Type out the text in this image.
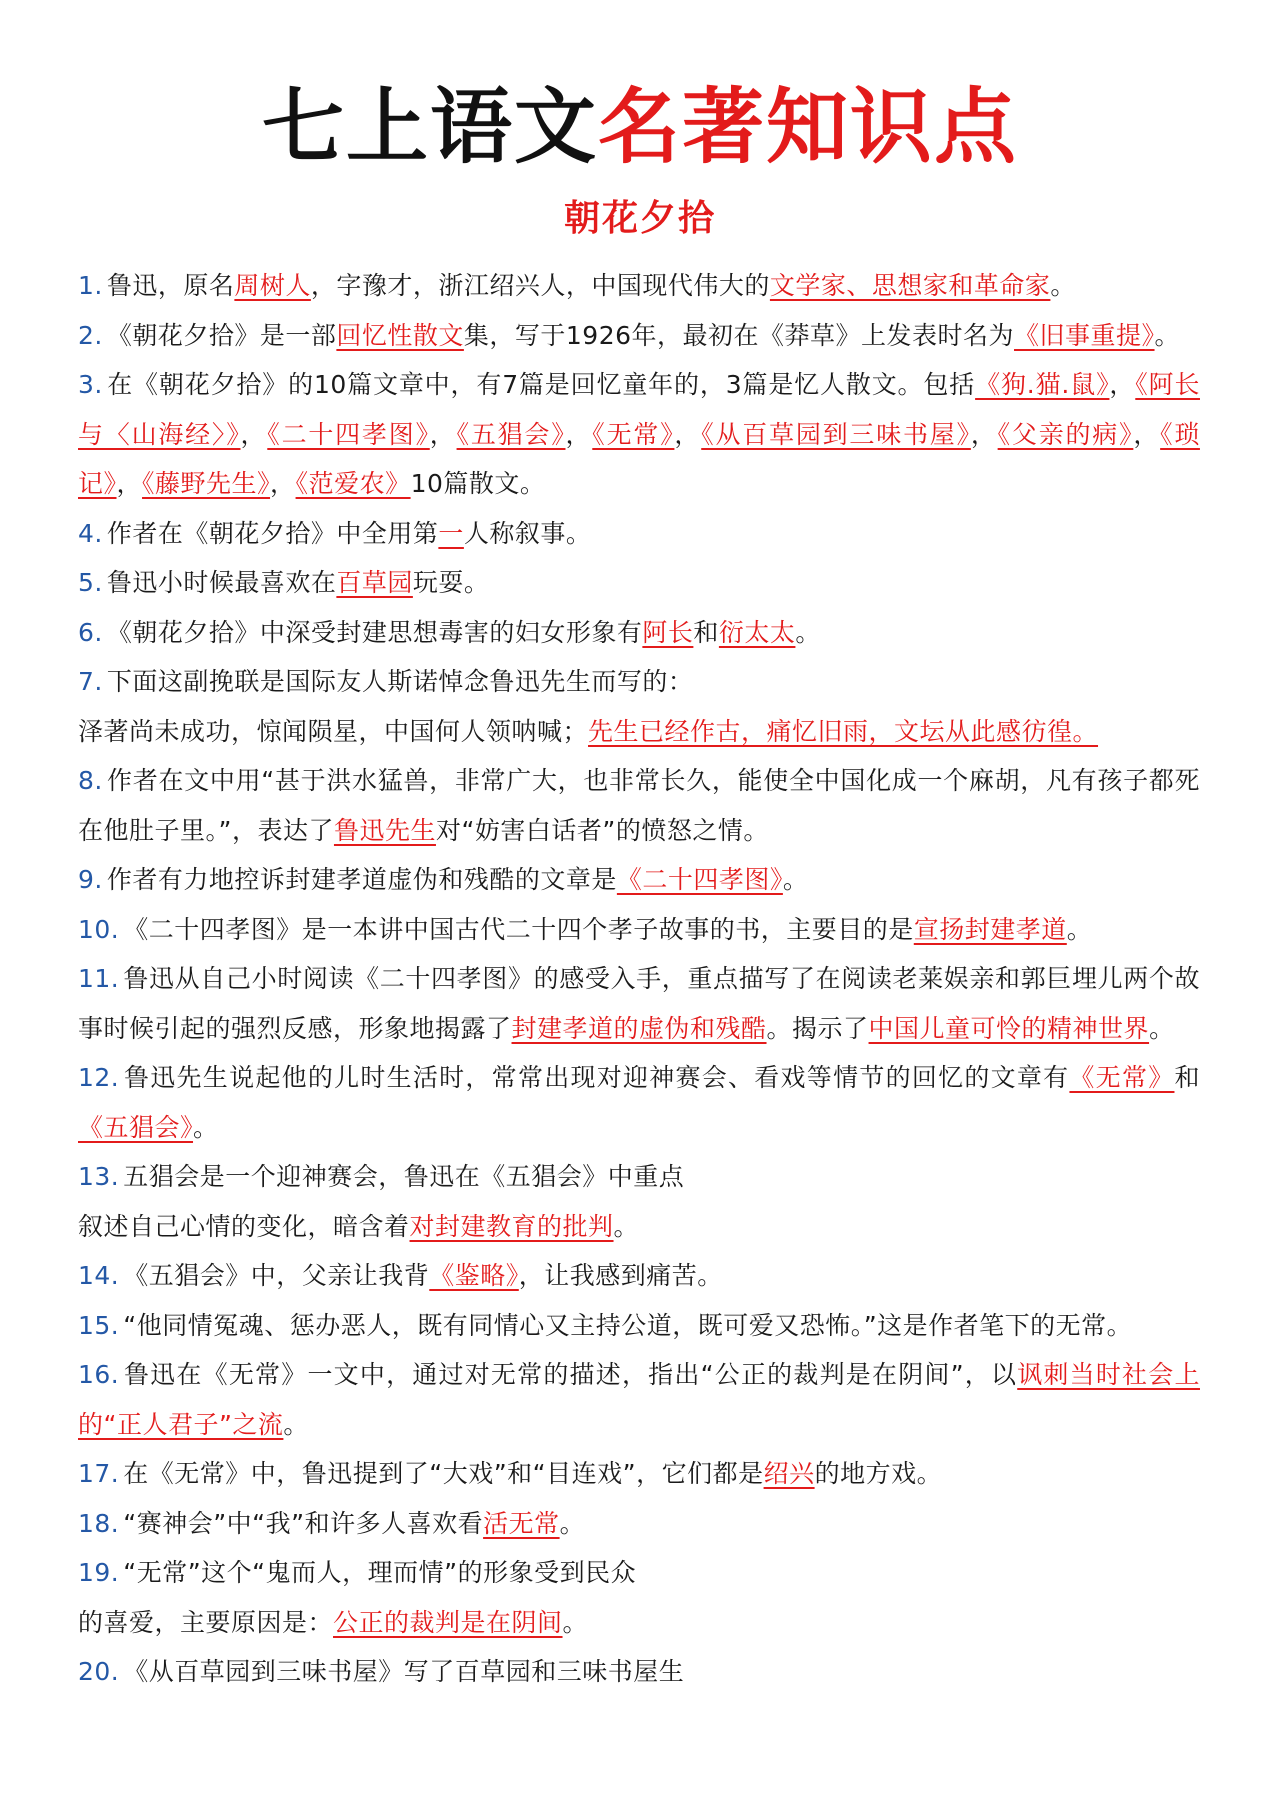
七上语文名著知识点
朝花夕拾
1. 鲁迅，原名周树人，字豫才，浙江绍兴人，中国现代伟大的文学家、思想家和革命家。
2. 《朝花夕拾》是一部回忆性散文集，写于1926年，最初在《莽草》上发表时名为《旧事重提》。
3. 在《朝花夕拾》的10篇文章中，有7篇是回忆童年的，3篇是忆人散文。包括《狗.猫.鼠》，《阿长与〈山海经〉》，《二十四孝图》，《五猖会》，《无常》，《从百草园到三味书屋》，《父亲的病》，《琐记》，《藤野先生》，《范爱农》10篇散文。
4. 作者在《朝花夕拾》中全用第一人称叙事。
5. 鲁迅小时候最喜欢在百草园玩耍。
6. 《朝花夕拾》中深受封建思想毒害的妇女形象有阿长和衍太太。
7. 下面这副挽联是国际友人斯诺悼念鲁迅先生而写的：
泽著尚未成功，惊闻陨星，中国何人领呐喊；先生已经作古，痛忆旧雨，文坛从此感彷徨。
8. 作者在文中用“甚于洪水猛兽，非常广大，也非常长久，能使全中国化成一个麻胡，凡有孩子都死在他肚子里。”，表达了鲁迅先生对“妨害白话者”的愤怒之情。
9. 作者有力地控诉封建孝道虚伪和残酷的文章是《二十四孝图》。
10. 《二十四孝图》是一本讲中国古代二十四个孝子故事的书，主要目的是宣扬封建孝道。
11. 鲁迅从自己小时阅读《二十四孝图》的感受入手，重点描写了在阅读老莱娱亲和郭巨埋儿两个故事时候引起的强烈反感，形象地揭露了封建孝道的虚伪和残酷。揭示了中国儿童可怜的精神世界。
12. 鲁迅先生说起他的儿时生活时，常常出现对迎神赛会、看戏等情节的回忆的文章有《无常》和《五猖会》。
13. 五猖会是一个迎神赛会，鲁迅在《五猖会》中重点
叙述自己心情的变化，暗含着对封建教育的批判。
14. 《五猖会》中，父亲让我背《鉴略》，让我感到痛苦。
15. “他同情冤魂、惩办恶人，既有同情心又主持公道，既可爱又恐怖。”这是作者笔下的无常。
16. 鲁迅在《无常》一文中，通过对无常的描述，指出“公正的裁判是在阴间”，以讽刺当时社会上的“正人君子”之流。
17. 在《无常》中，鲁迅提到了“大戏”和“目连戏”，它们都是绍兴的地方戏。
18. “赛神会”中“我”和许多人喜欢看活无常。
19. “无常”这个“鬼而人，理而情”的形象受到民众
的喜爱，主要原因是：公正的裁判是在阴间。
20. 《从百草园到三味书屋》写了百草园和三味书屋生
